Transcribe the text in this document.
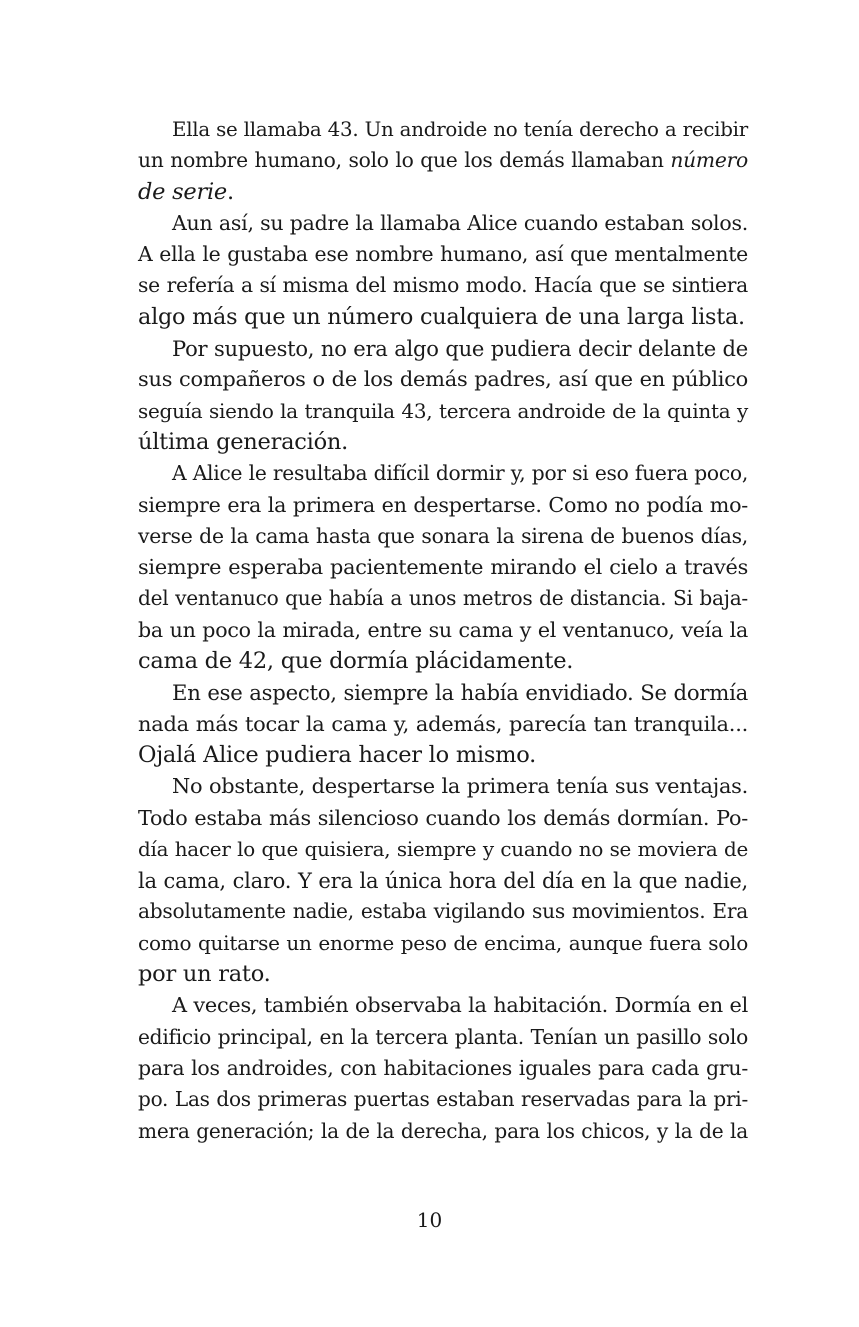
Ella se llamaba 43. Un androide no tenía derecho a recibir
un nombre humano, solo lo que los demás llamaban número
de serie.
Aun así, su padre la llamaba Alice cuando estaban solos.
A ella le gustaba ese nombre humano, así que mentalmente
se refería a sí misma del mismo modo. Hacía que se sintiera
algo más que un número cualquiera de una larga lista.
Por supuesto, no era algo que pudiera decir delante de
sus compañeros o de los demás padres, así que en público
seguía siendo la tranquila 43, tercera androide de la quinta y
última generación.
A Alice le resultaba difícil dormir y, por si eso fuera poco,
siempre era la primera en despertarse. Como no podía mo-
verse de la cama hasta que sonara la sirena de buenos días,
siempre esperaba pacientemente mirando el cielo a través
del ventanuco que había a unos metros de distancia. Si baja-
ba un poco la mirada, entre su cama y el ventanuco, veía la
cama de 42, que dormía plácidamente.
En ese aspecto, siempre la había envidiado. Se dormía
nada más tocar la cama y, además, parecía tan tranquila...
Ojalá Alice pudiera hacer lo mismo.
No obstante, despertarse la primera tenía sus ventajas.
Todo estaba más silencioso cuando los demás dormían. Po-
día hacer lo que quisiera, siempre y cuando no se moviera de
la cama, claro. Y era la única hora del día en la que nadie,
absolutamente nadie, estaba vigilando sus movimientos. Era
como quitarse un enorme peso de encima, aunque fuera solo
por un rato.
A veces, también observaba la habitación. Dormía en el
edificio principal, en la tercera planta. Tenían un pasillo solo
para los androides, con habitaciones iguales para cada gru-
po. Las dos primeras puertas estaban reservadas para la pri-
mera generación; la de la derecha, para los chicos, y la de la
10
